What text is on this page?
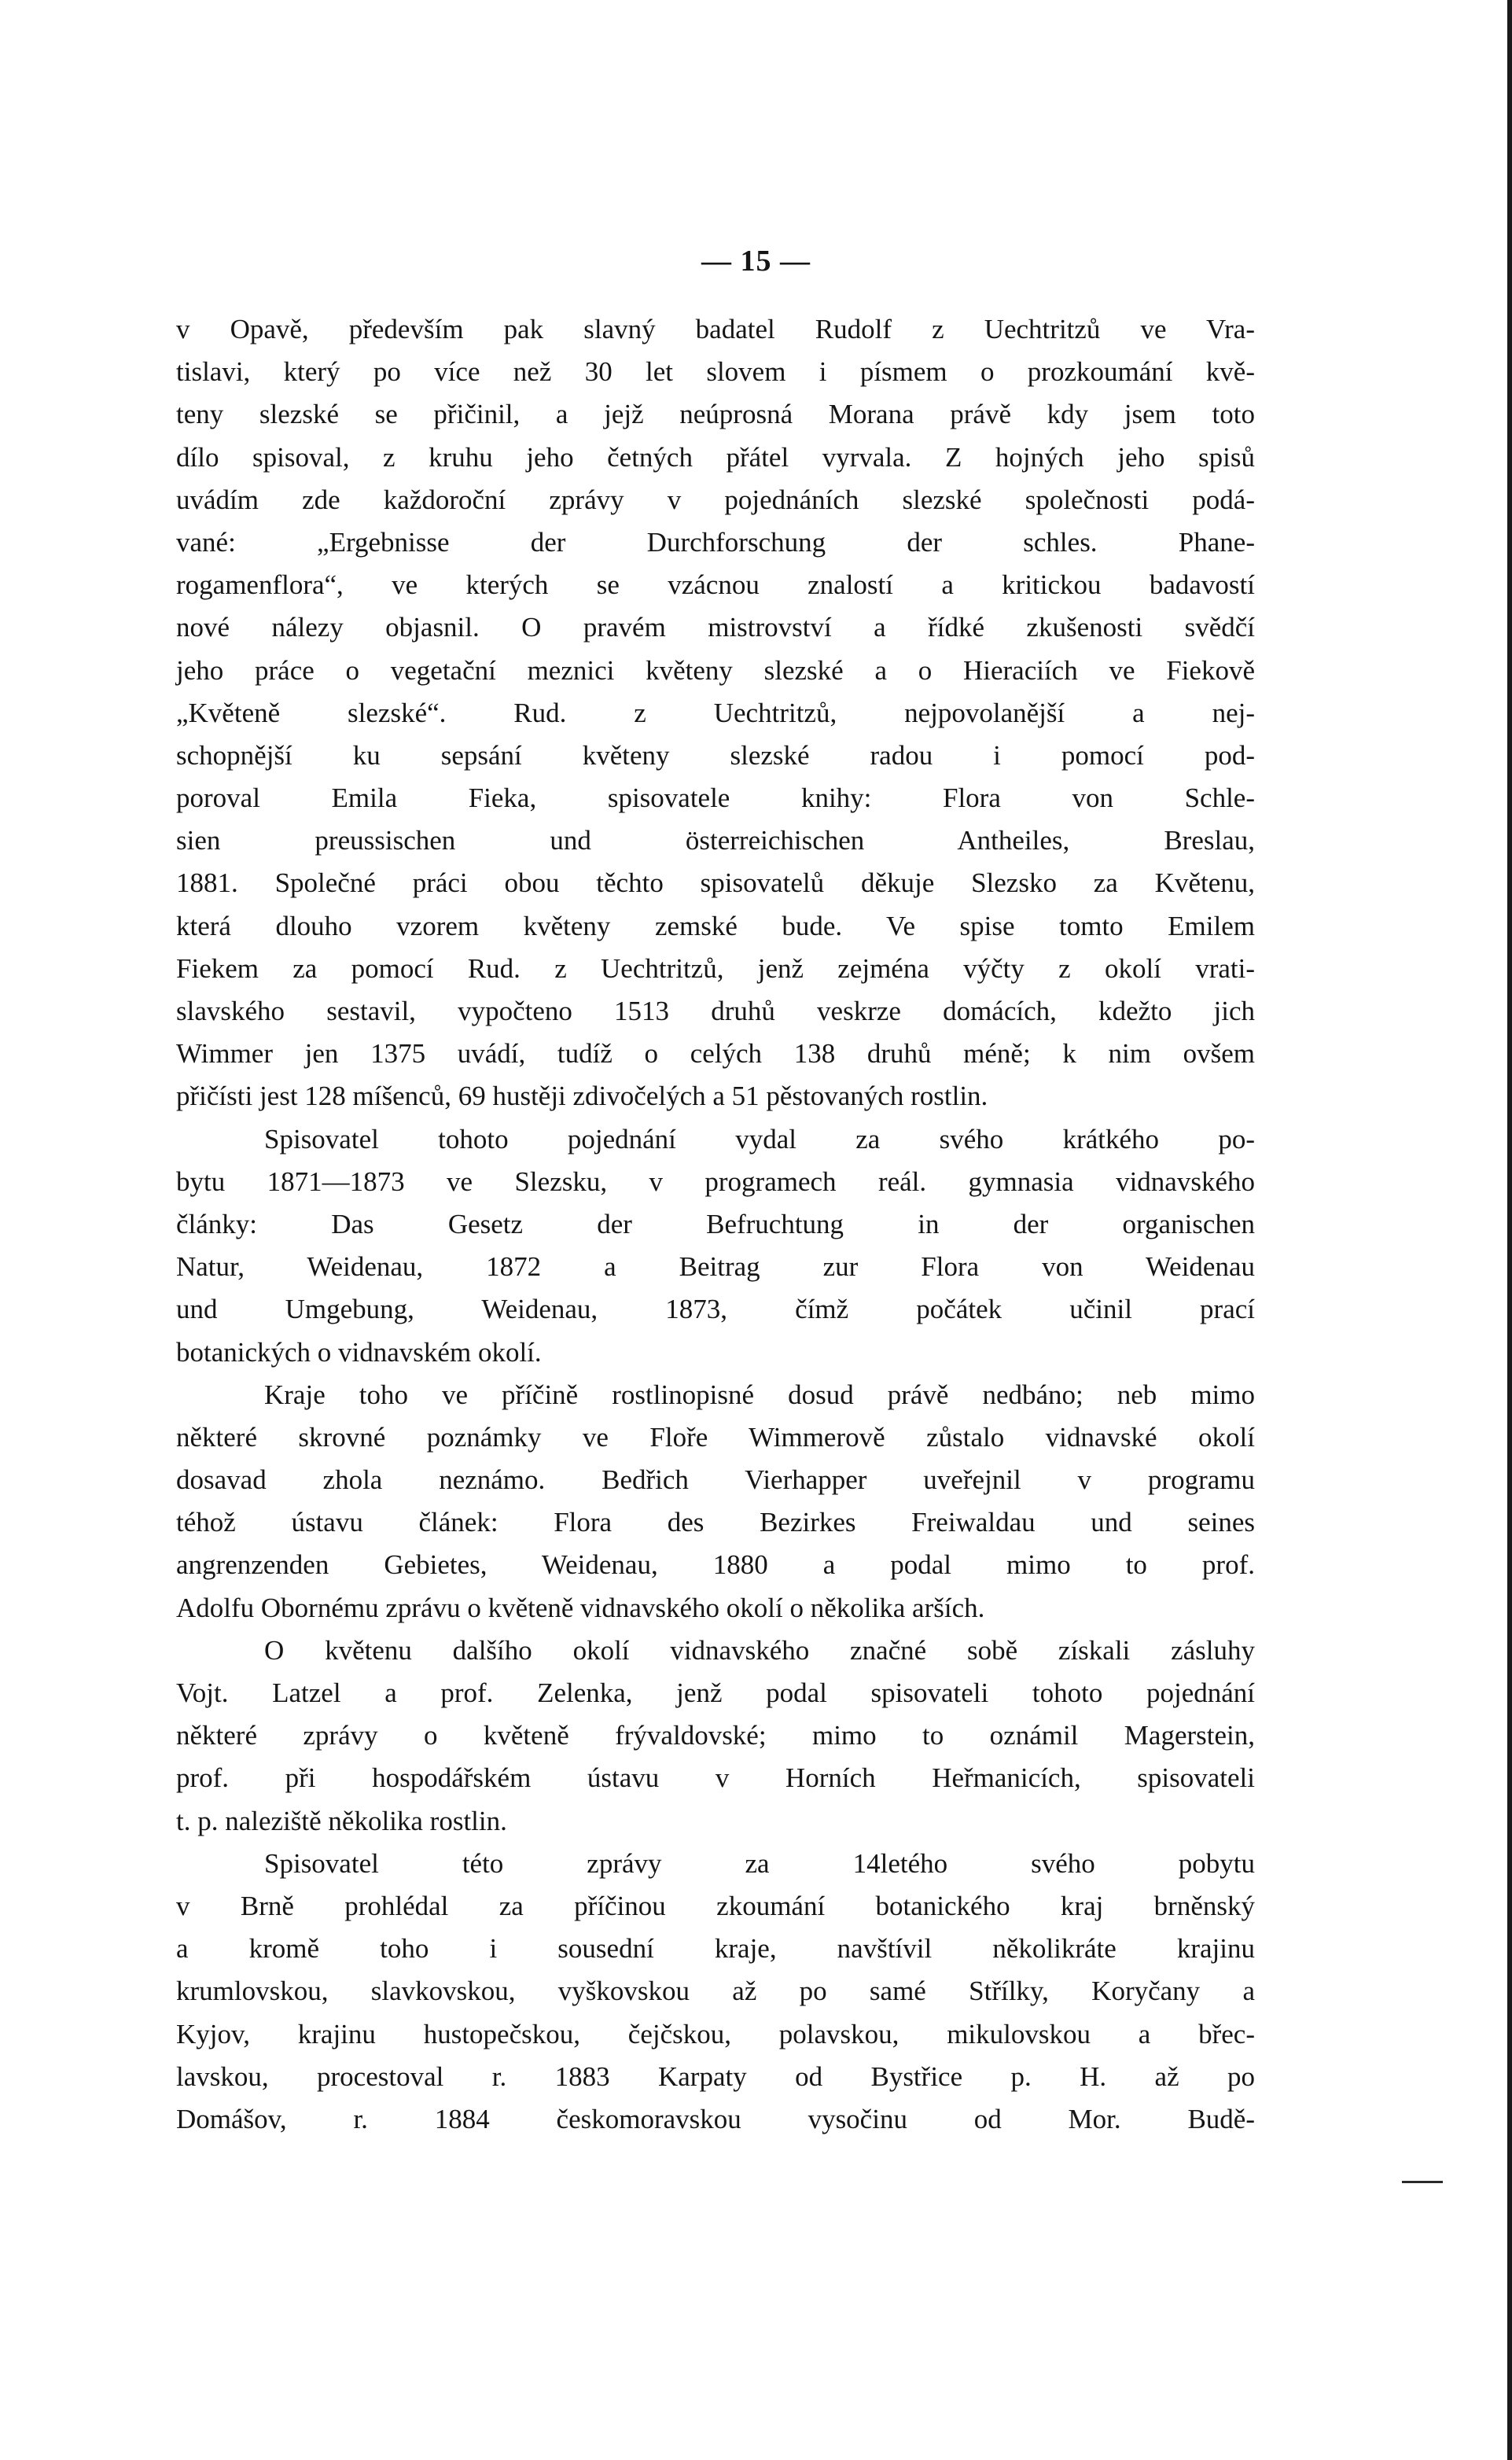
— 15 —
v Opavě, především pak slavný badatel Rudolf z Uechtritzů ve Vra-
tislavi, který po více než 30 let slovem i písmem o prozkoumání kvě-
teny slezské se přičinil, a jejž neúprosná Morana právě kdy jsem toto
dílo spisoval, z kruhu jeho četných přátel vyrvala. Z hojných jeho spisů
uvádím zde každoroční zprávy v pojednáních slezské společnosti podá-
vané: „Ergebnisse der Durchforschung der schles. Phane-
rogamenflora“, ve kterých se vzácnou znalostí a kritickou badavostí
nové nálezy objasnil. O pravém mistrovství a řídké zkušenosti svědčí
jeho práce o vegetační meznici květeny slezské a o Hieraciích ve Fiekově
„Květeně slezské“. Rud. z Uechtritzů, nejpovolanější a nej-
schopnější ku sepsání květeny slezské radou i pomocí pod-
poroval Emila Fieka, spisovatele knihy: Flora von Schle-
sien preussischen und österreichischen Antheiles, Breslau,
1881. Společné práci obou těchto spisovatelů děkuje Slezsko za Květenu,
která dlouho vzorem květeny zemské bude. Ve spise tomto Emilem
Fiekem za pomocí Rud. z Uechtritzů, jenž zejména výčty z okolí vrati-
slavského sestavil, vypočteno 1513 druhů veskrze domácích, kdežto jich
Wimmer jen 1375 uvádí, tudíž o celých 138 druhů méně; k nim ovšem
přičísti jest 128 míšenců, 69 hustěji zdivočelých a 51 pěstovaných rostlin.
Spisovatel tohoto pojednání vydal za svého krátkého po-
bytu 1871—1873 ve Slezsku, v programech reál. gymnasia vidnavského
články: Das Gesetz der Befruchtung in der organischen
Natur, Weidenau, 1872 a Beitrag zur Flora von Weidenau
und Umgebung, Weidenau, 1873, čímž počátek učinil prací
botanických o vidnavském okolí.
Kraje toho ve příčině rostlinopisné dosud právě nedbáno; neb mimo
některé skrovné poznámky ve Floře Wimmerově zůstalo vidnavské okolí
dosavad zhola neznámo. Bedřich Vierhapper uveřejnil v programu
téhož ústavu článek: Flora des Bezirkes Freiwaldau und seines
angrenzenden Gebietes, Weidenau, 1880 a podal mimo to prof.
Adolfu Obornému zprávu o květeně vidnavského okolí o několika arších.
O květenu dalšího okolí vidnavského značné sobě získali zásluhy
Vojt. Latzel a prof. Zelenka, jenž podal spisovateli tohoto pojednání
některé zprávy o květeně frývaldovské; mimo to oznámil Magerstein,
prof. při hospodářském ústavu v Horních Heřmanicích, spisovateli
t. p. naleziště několika rostlin.
Spisovatel této zprávy za 14letého svého pobytu
v Brně prohlédal za příčinou zkoumání botanického kraj brněnský
a kromě toho i sousední kraje, navštívil několikráte krajinu
krumlovskou, slavkovskou, vyškovskou až po samé Střílky, Koryčany a
Kyjov, krajinu hustopečskou, čejčskou, polavskou, mikulovskou a břec-
lavskou, procestoval r. 1883 Karpaty od Bystřice p. H. až po
Domášov, r. 1884 českomoravskou vysočinu od Mor. Budě-
